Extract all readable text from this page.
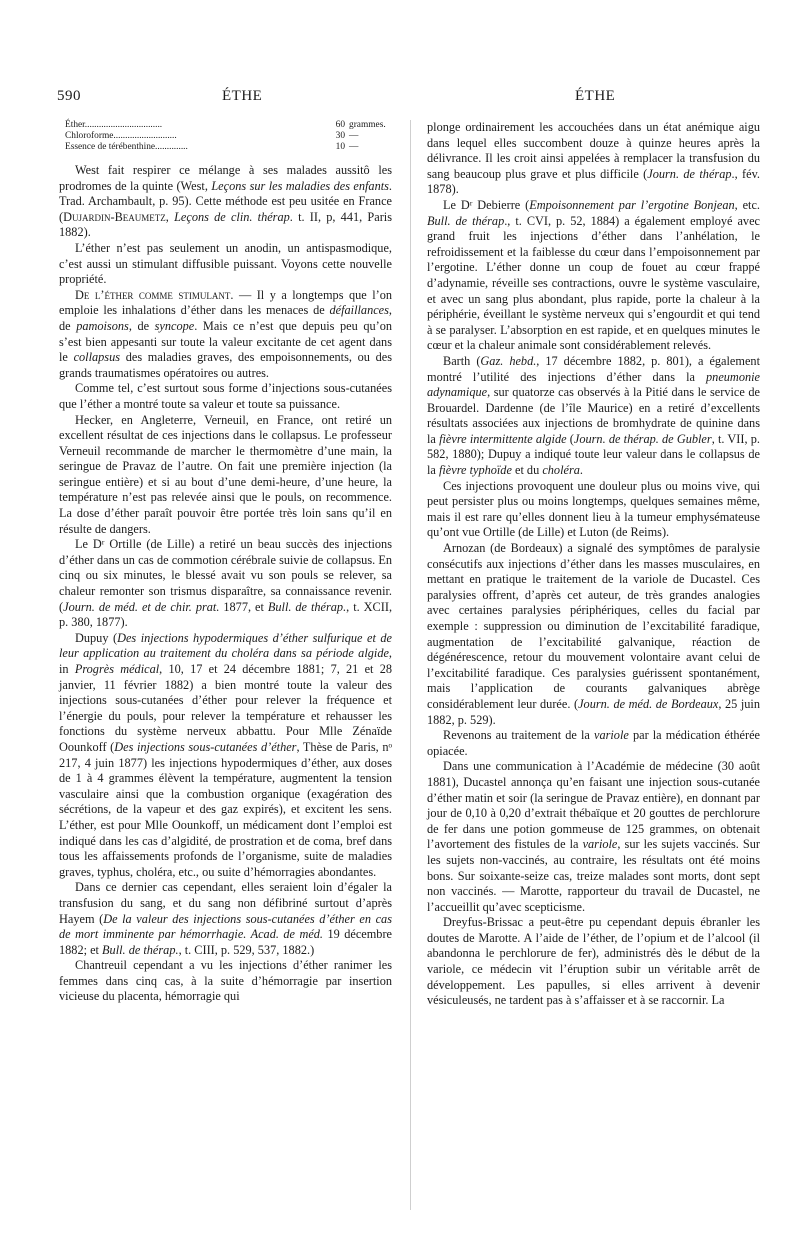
590	ÉTHE	ÉTHE
Éther.................................	60 grammes.
Chloroforme...........................	30 —
Essence de térébenthine..............	10 —

West fait respirer ce mélange à ses malades aussitô les prodromes de la quinte (West, Leçons sur les maladies des enfants. Trad. Archambault, p. 95). Cette méthode est peu usitée en France (Dujardin-Beaumetz, Leçons de clin. thérap. t. II, p, 441, Paris 1882).

L’éther n’est pas seulement un anodin, un antispasmodique, c’est aussi un stimulant diffusible puissant. Voyons cette nouvelle propriété.

De l’éther comme stimulant. — Il y a longtemps que l’on emploie les inhalations d’éther dans les menaces de défaillances, de pamoisons, de syncope. Mais ce n’est que depuis peu qu’on s’est bien appesanti sur toute la valeur excitante de cet agent dans le collapsus des maladies graves, des empoisonnements, ou des grands traumatismes opératoires ou autres.

Comme tel, c’est surtout sous forme d’injections sous-cutanées que l’éther a montré toute sa valeur et toute sa puissance.

Hecker, en Angleterre, Verneuil, en France, ont retiré un excellent résultat de ces injections dans le collapsus. Le professeur Verneuil recommande de marcher le thermomètre d’une main, la seringue de Pravaz de l’autre. On fait une première injection (la seringue entière) et si au bout d’une demi-heure, d’une heure, la température n’est pas relevée ainsi que le pouls, on recommence. La dose d’éther paraît pouvoir être portée très loin sans qu’il en résulte de dangers.

Le Dʳ Ortille (de Lille) a retiré un beau succès des injections d’éther dans un cas de commotion cérébrale suivie de collapsus. En cinq ou six minutes, le blessé avait vu son pouls se relever, sa chaleur remonter son trismus disparaître, sa connaissance revenir. (Journ. de méd. et de chir. prat. 1877, et Bull. de thérap., t. XCII, p. 380, 1877).

Dupuy (Des injections hypodermiques d’éther sulfurique et de leur application au traitement du choléra dans sa période algide, in Progrès médical, 10, 17 et 24 décembre 1881; 7, 21 et 28 janvier, 11 février 1882) a bien montré toute la valeur des injections sous-cutanées d’éther pour relever la fréquence et l’énergie du pouls, pour relever la température et rehausser les fonctions du système nerveux abbattu. Pour Mlle Zénaïde Oounkoff (Des injections sous-cutanées d’éther, Thèse de Paris, nᵒ 217, 4 juin 1877) les injections hypodermiques d’éther, aux doses de 1 à 4 grammes élèvent la température, augmentent la tension vasculaire ainsi que la combustion organique (exagération des sécrétions, de la vapeur et des gaz expirés), et excitent les sens. L’éther, est pour Mlle Oounkoff, un médicament dont l’emploi est indiqué dans les cas d’algidité, de prostration et de coma, bref dans tous les affaissements profonds de l’organisme, suite de maladies graves, typhus, choléra, etc., ou suite d’hémorragies abondantes.

Dans ce dernier cas cependant, elles seraient loin d’égaler la transfusion du sang, et du sang non défibriné surtout d’après Hayem (De la valeur des injections sous-cutanées d’éther en cas de mort imminente par hémorrhagie. Acad. de méd. 19 décembre 1882; et Bull. de thérap., t. CIII, p. 529, 537, 1882.)

Chantreuil cependant a vu les injections d’éther ranimer les femmes dans cinq cas, à la suite d’hémorragie par insertion vicieuse du placenta, hémorragie qui

plonge ordinairement les accouchées dans un état anémique aigu dans lequel elles succombent douze à quinze heures après la délivrance. Il les croit ainsi appelées à remplacer la transfusion du sang beaucoup plus grave et plus difficile (Journ. de thérap., fév. 1878).

Le Dʳ Debierre (Empoisonnement par l’ergotine Bonjean, etc. Bull. de thérap., t. CVI, p. 52, 1884) a également employé avec grand fruit les injections d’éther dans l’anhélation, le refroidissement et la faiblesse du cœur dans l’empoisonnement par l’ergotine. L’éther donne un coup de fouet au cœur frappé d’adynamie, réveille ses contractions, ouvre le système vasculaire, et avec un sang plus abondant, plus rapide, porte la chaleur à la périphérie, éveillant le système nerveux qui s’engourdit et qui tend à se paralyser. L’absorption en est rapide, et en quelques minutes le cœur et la chaleur animale sont considérablement relevés.

Barth (Gaz. hebd., 17 décembre 1882, p. 801), a également montré l’utilité des injections d’éther dans la pneumonie adynamique, sur quatorze cas observés à la Pitié dans le service de Brouardel. Dardenne (de l’île Maurice) en a retiré d’excellents résultats associées aux injections de bromhydrate de quinine dans la fièvre intermittente algide (Journ. de thérap. de Gubler, t. VII, p. 582, 1880); Dupuy a indiqué toute leur valeur dans le collapsus de la fièvre typhoïde et du choléra.

Ces injections provoquent une douleur plus ou moins vive, qui peut persister plus ou moins longtemps, quelques semaines même, mais il est rare qu’elles donnent lieu à la tumeur emphysémateuse qu’ont vue Ortille (de Lille) et Luton (de Reims).

Arnozan (de Bordeaux) a signalé des symptômes de paralysie consécutifs aux injections d’éther dans les masses musculaires, en mettant en pratique le traitement de la variole de Ducastel. Ces paralysies offrent, d’après cet auteur, de très grandes analogies avec certaines paralysies périphériques, celles du facial par exemple : suppression ou diminution de l’excitabilité faradique, augmentation de l’excitabilité galvanique, réaction de dégénérescence, retour du mouvement volontaire avant celui de l’excitabilité faradique. Ces paralysies guérissent spontanément, mais l’application de courants galvaniques abrège considérablement leur durée. (Journ. de méd. de Bordeaux, 25 juin 1882, p. 529).

Revenons au traitement de la variole par la médication éthérée opiacée.

Dans une communication à l’Académie de médecine (30 août 1881), Ducastel annonça qu’en faisant une injection sous-cutanée d’éther matin et soir (la seringue de Pravaz entière), en donnant par jour de 0,10 à 0,20 d’extrait thébaïque et 20 gouttes de perchlorure de fer dans une potion gommeuse de 125 grammes, on obtenait l’avortement des fistules de la variole, sur les sujets vaccinés. Sur les sujets non-vaccinés, au contraire, les résultats ont été moins bons. Sur soixante-seize cas, treize malades sont morts, dont sept non vaccinés. — Marotte, rapporteur du travail de Ducastel, ne l’accueillit qu’avec scepticisme.

Dreyfus-Brissac a peut-être pu cependant depuis ébranler les doutes de Marotte. A l’aide de l’éther, de l’opium et de l’alcool (il abandonna le perchlorure de fer), administrés dès le début de la variole, ce médecin vit l’éruption subir un véritable arrêt de développement. Les papulles, si elles arrivent à devenir vésiculeusés, ne tardent pas à s’affaisser et à se raccornir. La
